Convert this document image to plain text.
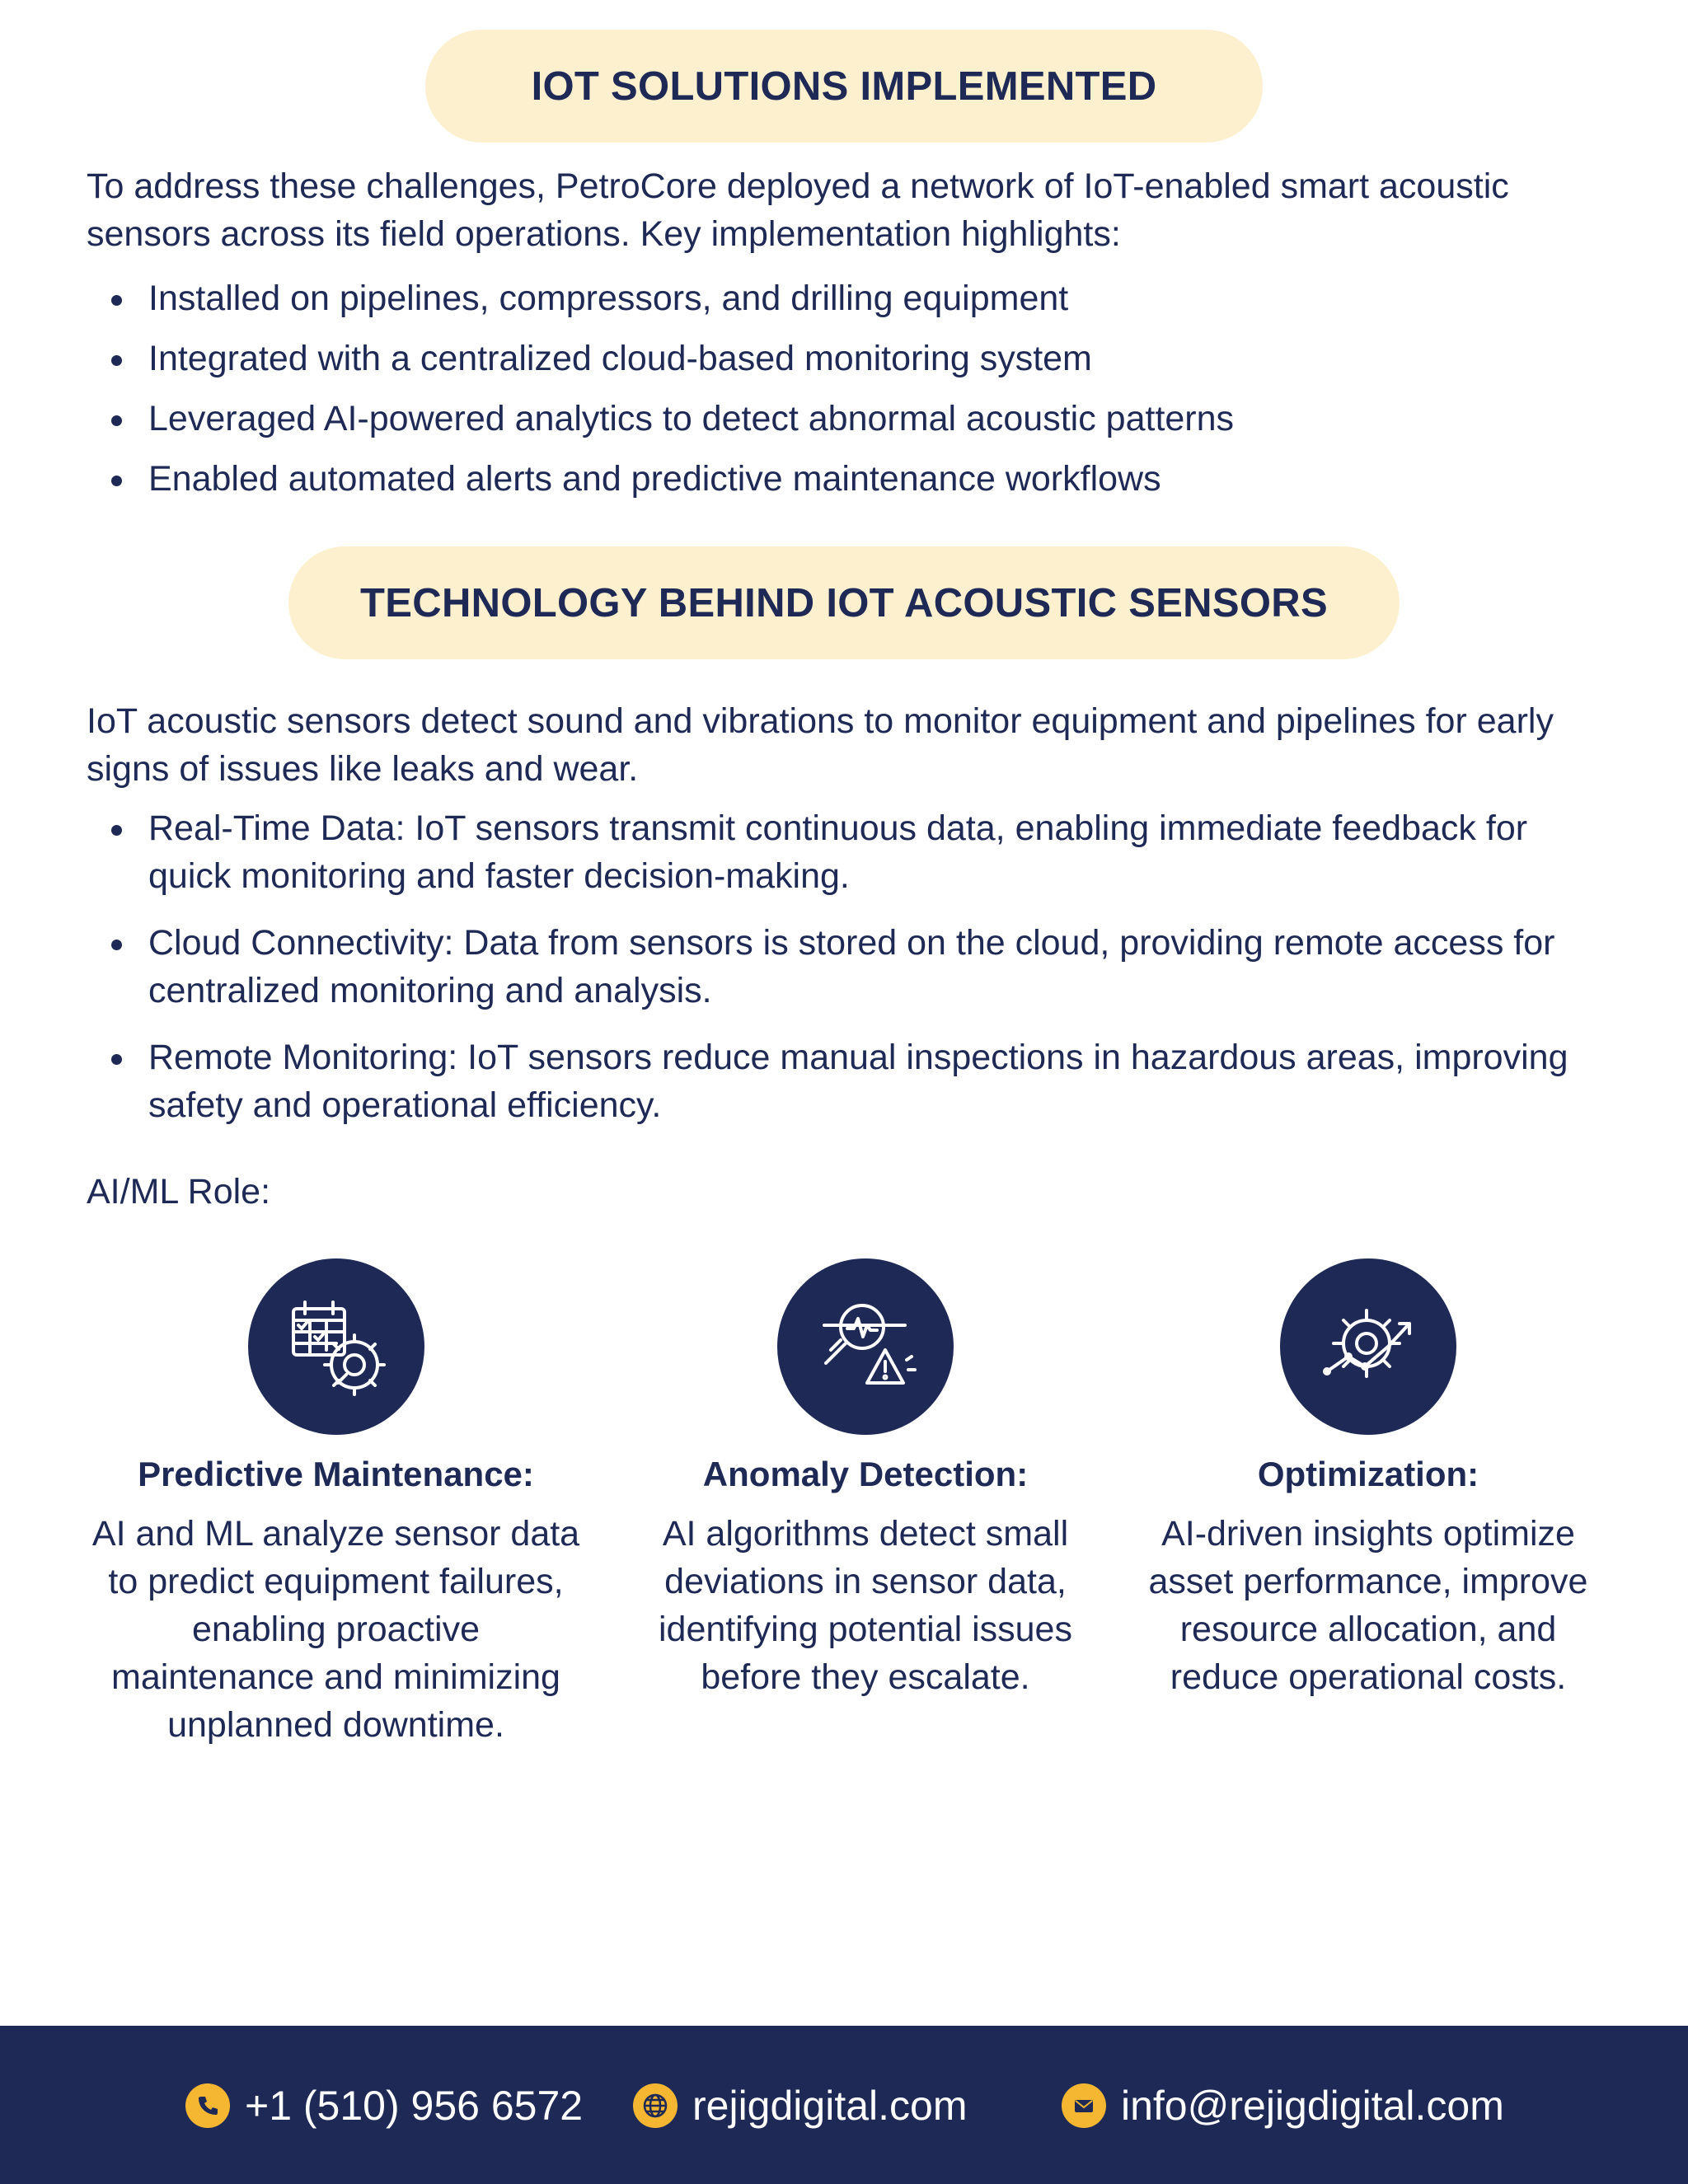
IOT SOLUTIONS IMPLEMENTED

To address these challenges, PetroCore deployed a network of IoT-enabled smart acoustic sensors across its field operations. Key implementation highlights:

Installed on pipelines, compressors, and drilling equipment
Integrated with a centralized cloud-based monitoring system
Leveraged AI-powered analytics to detect abnormal acoustic patterns
Enabled automated alerts and predictive maintenance workflows
TECHNOLOGY BEHIND IOT ACOUSTIC SENSORS

IoT acoustic sensors detect sound and vibrations to monitor equipment and pipelines for early signs of issues like leaks and wear.

Real-Time Data: IoT sensors transmit continuous data, enabling immediate feedback for quick monitoring and faster decision-making.
Cloud Connectivity: Data from sensors is stored on the cloud, providing remote access for centralized monitoring and analysis.
Remote Monitoring: IoT sensors reduce manual inspections in hazardous areas, improving safety and operational efficiency.
AI/ML Role:
Predictive Maintenance:

AI and ML analyze sensor data to predict equipment failures, enabling proactive maintenance and minimizing unplanned downtime.

Anomaly Detection:

AI algorithms detect small deviations in sensor data, identifying potential issues before they escalate.

Optimization:

AI-driven insights optimize asset performance, improve resource allocation, and reduce operational costs.

+1 (510) 956 6572	rejigdigital.com	info@rejigdigital.com
